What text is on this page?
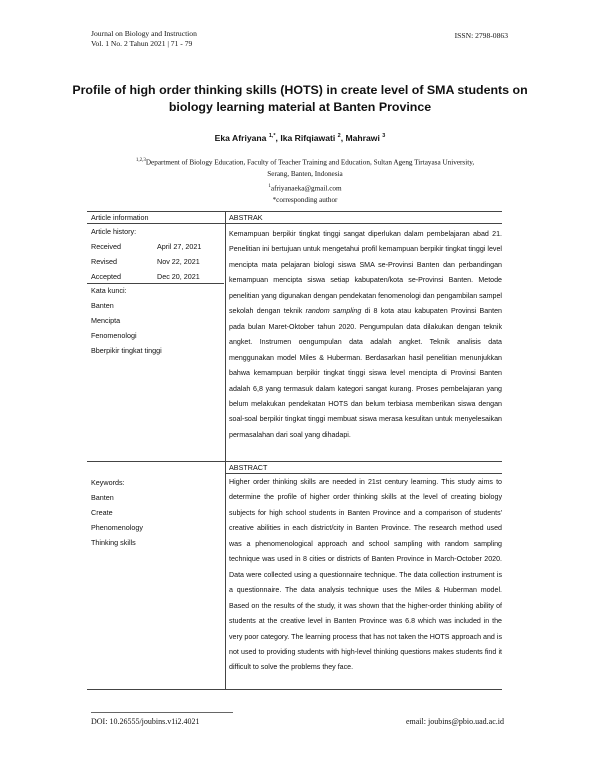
Journal on Biology and Instruction
Vol. 1 No. 2 Tahun 2021 | 71 - 79
ISSN: 2798-0863
Profile of high order thinking skills (HOTS) in create level of SMA students on biology learning material at Banten Province
Eka Afriyana $^{1,*}$, Ika Rifqiawati $^2$, Mahrawi $^3$
$^{1,2,3}$Department of Biology Education, Faculty of Teacher Training and Education, Sultan Ageng Tirtayasa University,
Serang, Banten, Indonesia
$^1$afriyanaeka@gmail.com
*corresponding author
Article information
Article history:
Received	April 27, 2021
Revised	Nov 22, 2021
Accepted	Dec 20, 2021
Kata kunci:
Banten
Mencipta
Fenomenologi
Bberpikir tingkat tinggi
Keywords:
Banten
Create
Phenomenology
Thinking skills
ABSTRAK
Kemampuan berpikir tingkat tinggi sangat diperlukan dalam pembelajaran abad 21. Penelitian ini bertujuan untuk mengetahui profil kemampuan berpikir tingkat tinggi level mencipta mata pelajaran biologi siswa SMA se-Provinsi Banten dan perbandingan kemampuan mencipta siswa setiap kabupaten/kota se-Provinsi Banten. Metode penelitian yang digunakan dengan pendekatan fenomenologi dan pengambilan sampel sekolah dengan teknik random sampling di 8 kota atau kabupaten Provinsi Banten pada bulan Maret-Oktober tahun 2020. Pengumpulan data dilakukan dengan teknik angket. Instrumen oengumpulan data adalah angket. Teknik analisis data menggunakan model Miles & Huberman. Berdasarkan hasil penelitian menunjukkan bahwa kemampuan berpikir tingkat tinggi siswa level mencipta di Provinsi Banten adalah 6,8 yang termasuk dalam kategori sangat kurang. Proses pembelajaran yang belum melakukan pendekatan HOTS dan belum terbiasa memberikan siswa dengan soal-soal berpikir tingkat tinggi membuat siswa merasa kesulitan untuk menyelesaikan permasalahan dari soal yang dihadapi.
ABSTRACT
Higher order thinking skills are needed in 21st century learning. This study aims to determine the profile of higher order thinking skills at the level of creating biology subjects for high school students in Banten Province and a comparison of students' creative abilities in each district/city in Banten Province. The research method used was a phenomenological approach and school sampling with random sampling technique was used in 8 cities or districts of Banten Province in March-October 2020. Data were collected using a questionnaire technique. The data collection instrument is a questionnaire. The data analysis technique uses the Miles & Huberman model. Based on the results of the study, it was shown that the higher-order thinking ability of students at the creative level in Banten Province was 6.8 which was included in the very poor category. The learning process that has not taken the HOTS approach and is not used to providing students with high-level thinking questions makes students find it difficult to solve the problems they face.
DOI: 10.26555/joubins.v1i2.4021	email: joubins@pbio.uad.ac.id
